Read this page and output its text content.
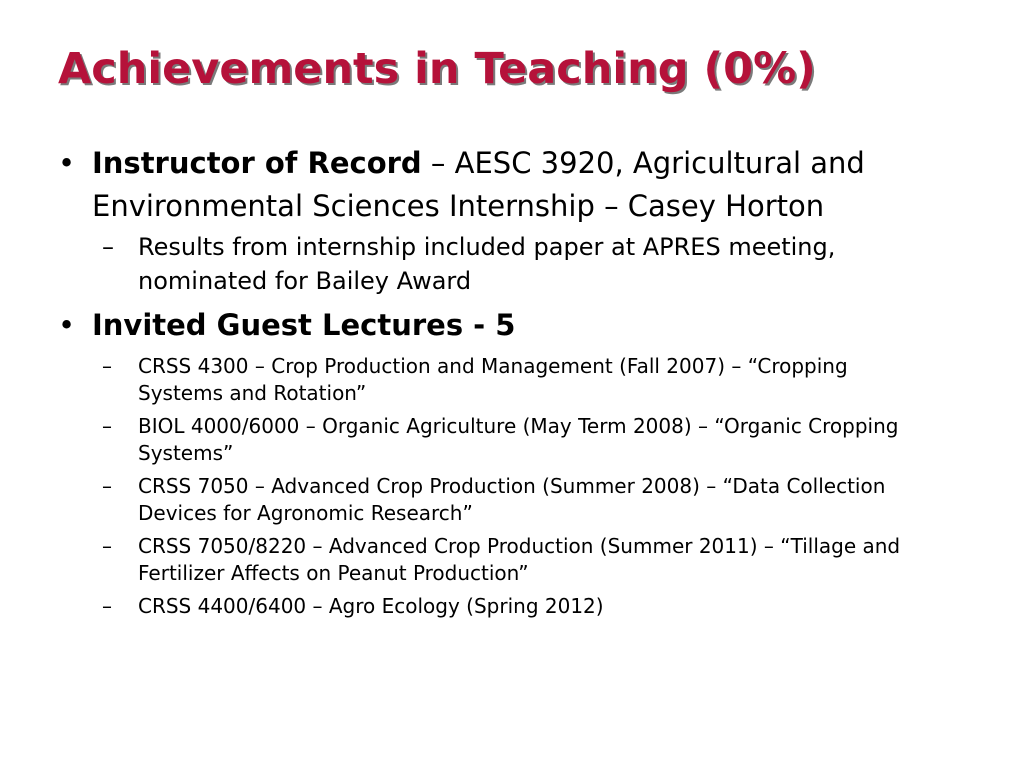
Achievements in Teaching (0%)
• Instructor of Record – AESC 3920, Agricultural and Environmental Sciences Internship – Casey Horton
– Results from internship included paper at APRES meeting, nominated for Bailey Award
• Invited Guest Lectures - 5
– CRSS 4300 – Crop Production and Management (Fall 2007) – “Cropping Systems and Rotation”
– BIOL 4000/6000 – Organic Agriculture (May Term 2008) – “Organic Cropping Systems”
– CRSS 7050 – Advanced Crop Production (Summer 2008) – “Data Collection Devices for Agronomic Research”
– CRSS 7050/8220 – Advanced Crop Production (Summer 2011) – “Tillage and Fertilizer Affects on Peanut Production”
– CRSS 4400/6400 – Agro Ecology (Spring 2012)
